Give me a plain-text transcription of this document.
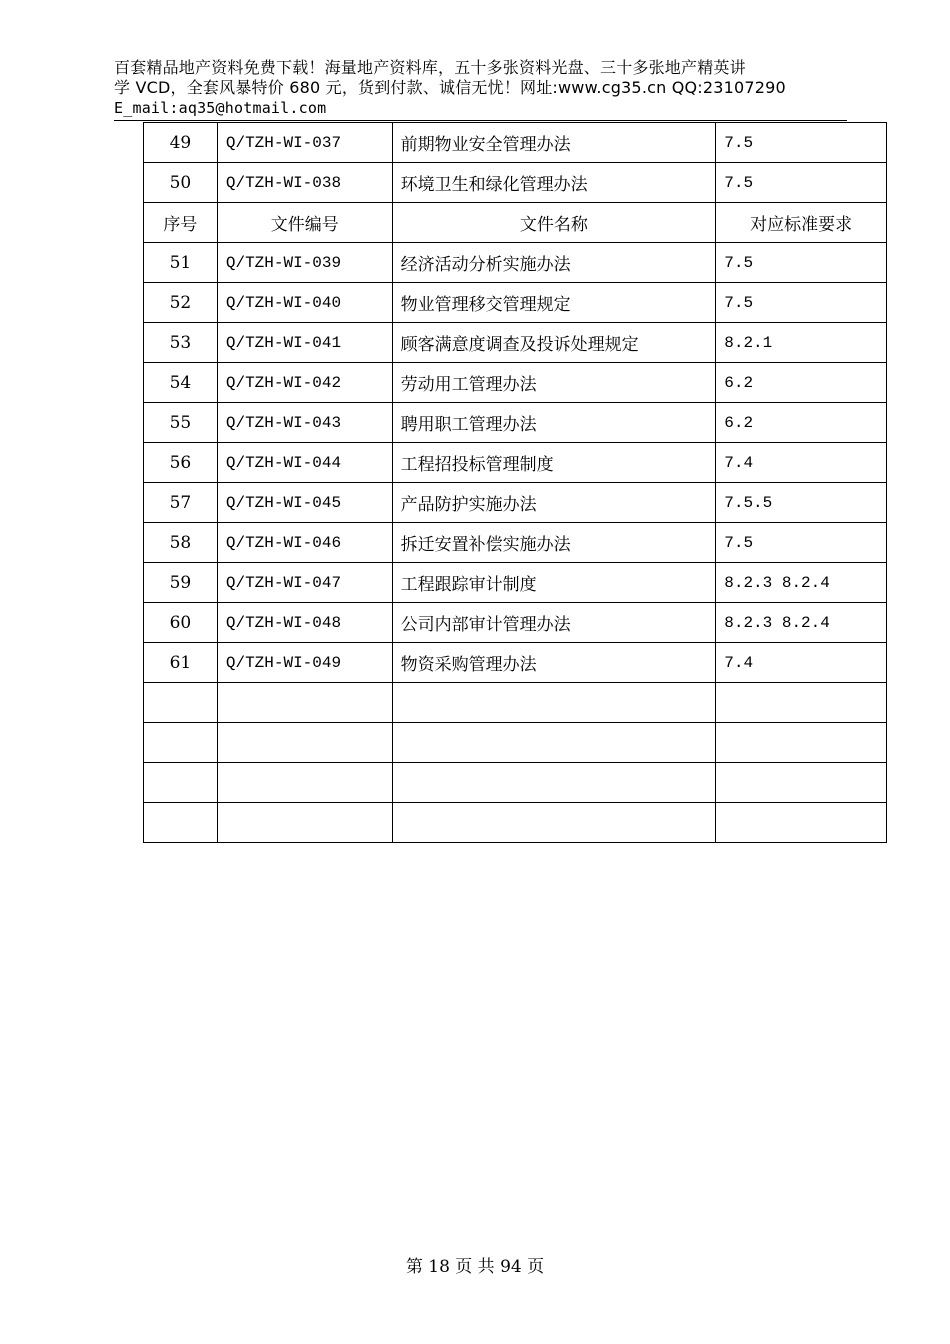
百套精品地产资料免费下载！海量地产资料库，五十多张资料光盘、三十多张地产精英讲
学 VCD，全套风暴特价 680 元，货到付款、诚信无忧！网址:www.cg35.cn QQ:23107290
E_mail:aq35@hotmail.com
49	Q/TZH-WI-037	前期物业安全管理办法	7.5
50	Q/TZH-WI-038	环境卫生和绿化管理办法	7.5
序号	文件编号	文件名称	对应标准要求
51	Q/TZH-WI-039	经济活动分析实施办法	7.5
52	Q/TZH-WI-040	物业管理移交管理规定	7.5
53	Q/TZH-WI-041	顾客满意度调查及投诉处理规定	8.2.1
54	Q/TZH-WI-042	劳动用工管理办法	6.2
55	Q/TZH-WI-043	聘用职工管理办法	6.2
56	Q/TZH-WI-044	工程招投标管理制度	7.4
57	Q/TZH-WI-045	产品防护实施办法	7.5.5
58	Q/TZH-WI-046	拆迁安置补偿实施办法	7.5
59	Q/TZH-WI-047	工程跟踪审计制度	8.2.3 8.2.4
60	Q/TZH-WI-048	公司内部审计管理办法	8.2.3 8.2.4
61	Q/TZH-WI-049	物资采购管理办法	7.4

第 18 页 共 94 页
